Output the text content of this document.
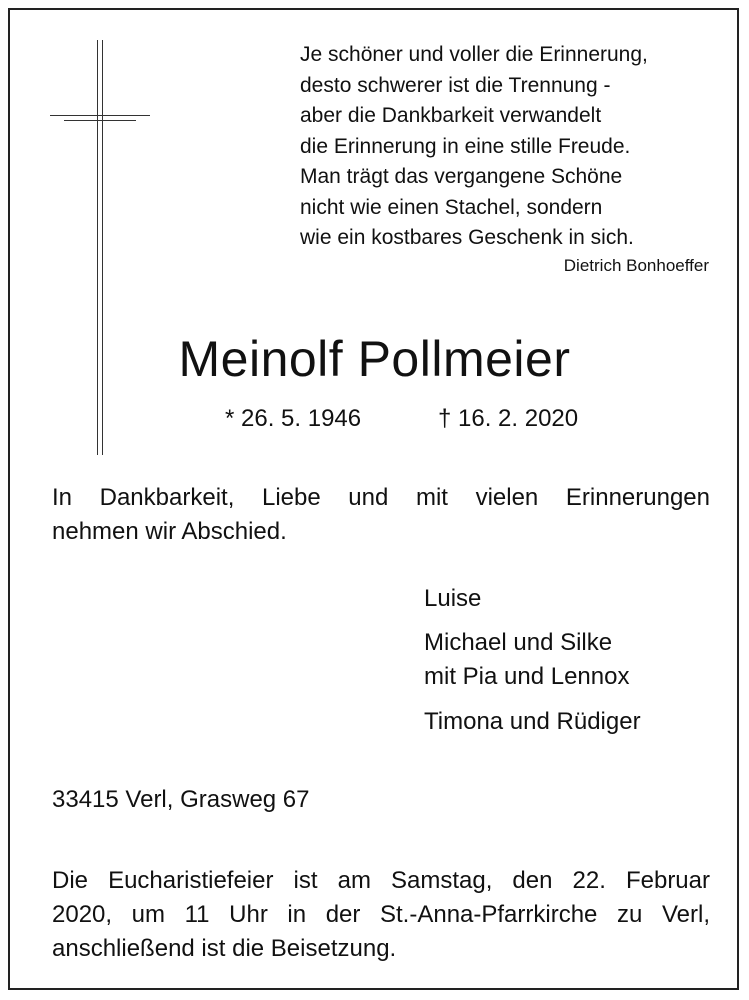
Je schöner und voller die Erinnerung,
desto schwerer ist die Trennung -
aber die Dankbarkeit verwandelt
die Erinnerung in eine stille Freude.
Man trägt das vergangene Schöne
nicht wie einen Stachel, sondern
wie ein kostbares Geschenk in sich.
Dietrich Bonhoeffer
Meinolf Pollmeier
* 26. 5. 1946	† 16. 2. 2020
In Dankbarkeit, Liebe und mit vielen Erinnerungen
nehmen wir Abschied.
Luise
Michael und Silke
mit Pia und Lennox
Timona und Rüdiger
33415 Verl, Grasweg 67
Die Eucharistiefeier ist am Samstag, den 22. Februar
2020, um 11 Uhr in der St.-Anna-Pfarrkirche zu Verl,
anschließend ist die Beisetzung.
